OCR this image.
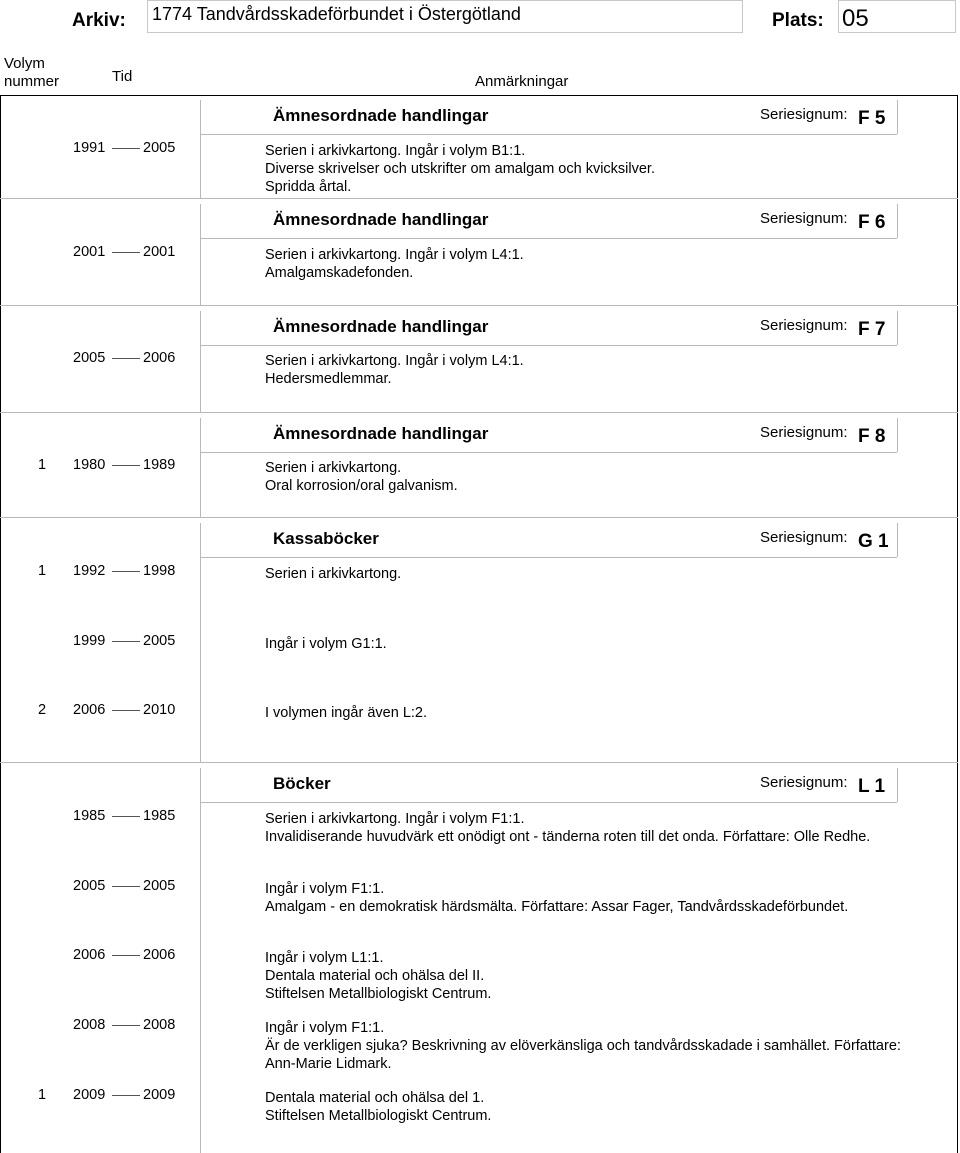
Arkiv: 1774 Tandvårdsskadeförbundet i Östergötland	Plats: 05
Volym
nummer	Tid	Anmärkningar
Ämnesordnade handlingar	Seriesignum: F 5
1991	2005	Serien i arkivkartong. Ingår i volym B1:1.
Diverse skrivelser och utskrifter om amalgam och kvicksilver.
Spridda årtal.
Ämnesordnade handlingar	Seriesignum: F 6
2001	2001	Serien i arkivkartong. Ingår i volym L4:1.
Amalgamskadefonden.
Ämnesordnade handlingar	Seriesignum: F 7
2005	2006	Serien i arkivkartong. Ingår i volym L4:1.
Hedersmedlemmar.
Ämnesordnade handlingar	Seriesignum: F 8
1 1980	1989	Serien i arkivkartong.
Oral korrosion/oral galvanism.
Kassaböcker	Seriesignum: G 1
1 1992	1998	Serien i arkivkartong.
1999	2005	Ingår i volym G1:1.
2 2006	2010	I volymen ingår även L:2.
Böcker	Seriesignum: L 1
1985	1985	Serien i arkivkartong. Ingår i volym F1:1.
Invalidiserande huvudvärk ett onödigt ont - tänderna roten till det onda. Författare: Olle Redhe.
2005	2005	Ingår i volym F1:1.
Amalgam - en demokratisk härdsmälta. Författare: Assar Fager, Tandvårdsskadeförbundet.
2006	2006	Ingår i volym L1:1.
Dentala material och ohälsa del II.
Stiftelsen Metallbiologiskt Centrum.
2008	2008	Ingår i volym F1:1.
Är de verkligen sjuka? Beskrivning av elöverkänsliga och tandvårdsskadade i samhället. Författare:
Ann-Marie Lidmark.
1 2009	2009	Dentala material och ohälsa del 1.
Stiftelsen Metallbiologiskt Centrum.
